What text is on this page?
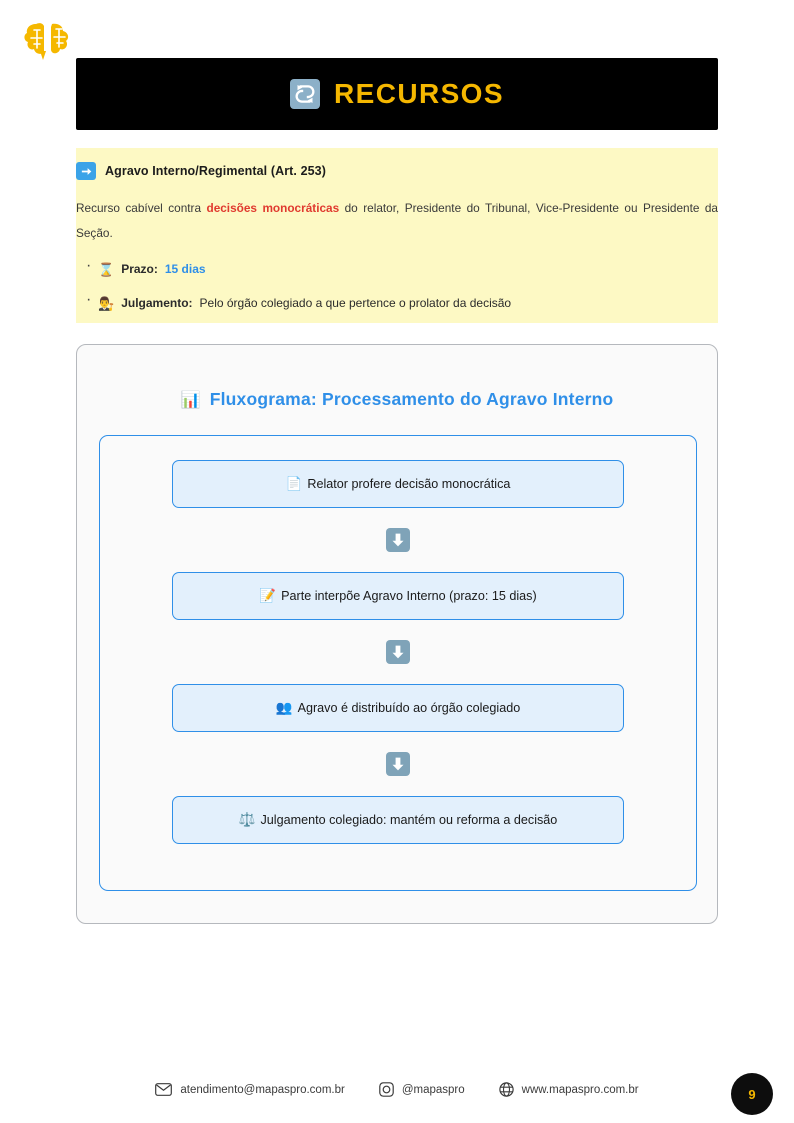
RECURSOS
Agravo Interno/Regimental (Art. 253)

Recurso cabível contra decisões monocráticas do relator, Presidente do Tribunal, Vice-Presidente ou Presidente da Seção.

· ⌛ Prazo: 15 dias
· 👨‍⚖️ Julgamento: Pelo órgão colegiado a que pertence o prolator da decisão
📊 Fluxograma: Processamento do Agravo Interno
📄 Relator profere decisão monocrática
📝 Parte interpõe Agravo Interno (prazo: 15 dias)
👥 Agravo é distribuído ao órgão colegiado
⚖️ Julgamento colegiado: mantém ou reforma a decisão
atendimento@mapaspro.com.br	@mapaspro	www.mapaspro.com.br	9
